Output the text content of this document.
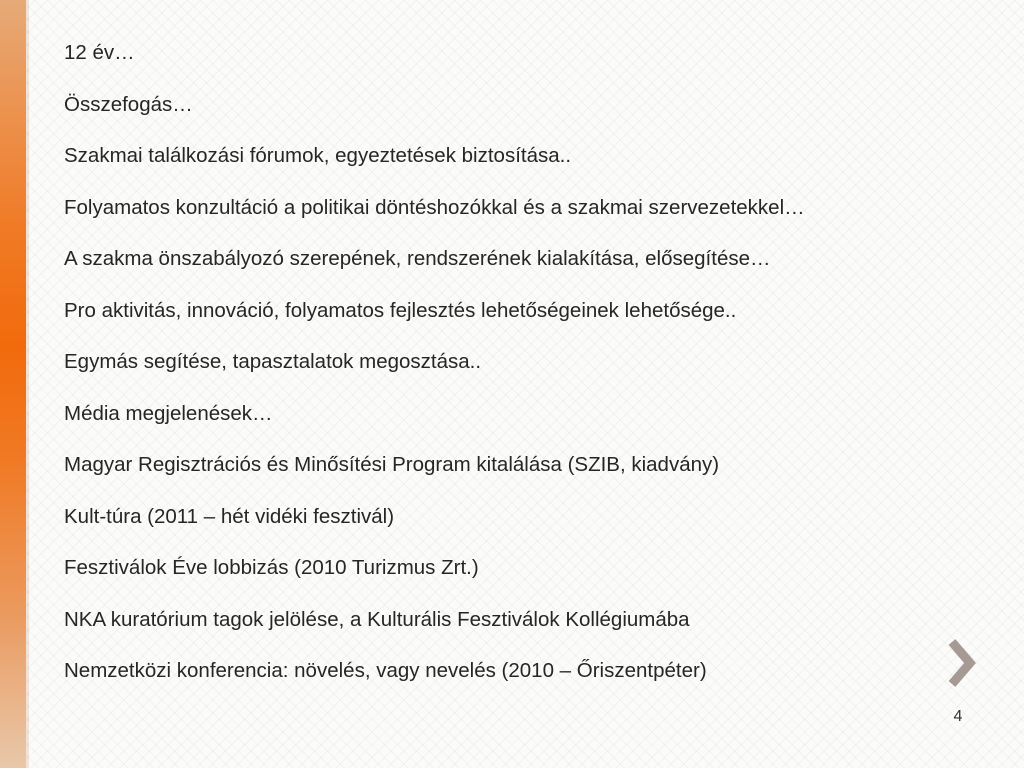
12 év…
Összefogás…
Szakmai találkozási fórumok, egyeztetések biztosítása..
Folyamatos konzultáció a politikai döntéshozókkal és a szakmai szervezetekkel…
A szakma önszabályozó szerepének, rendszerének kialakítása, elősegítése…
Pro aktivitás, innováció, folyamatos fejlesztés lehetőségeinek lehetősége..
Egymás segítése, tapasztalatok megosztása..
Média megjelenések…
Magyar Regisztrációs és Minősítési Program kitalálása (SZIB, kiadvány)
Kult-túra (2011 – hét vidéki fesztivál)
Fesztiválok Éve lobbizás (2010 Turizmus Zrt.)
NKA kuratórium tagok jelölése, a Kulturális Fesztiválok Kollégiumába
Nemzetközi konferencia: növelés, vagy nevelés (2010 – Őriszentpéter)
4
